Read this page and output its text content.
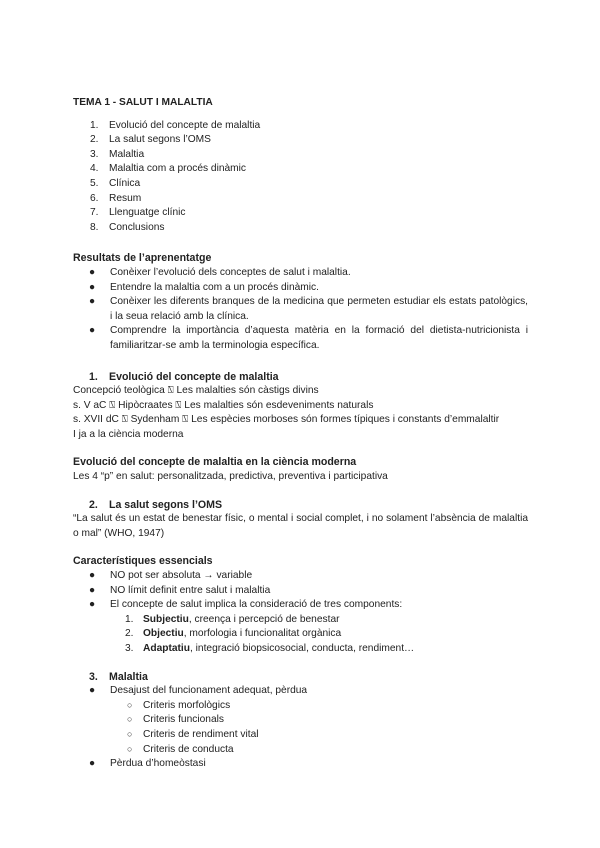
TEMA 1 - SALUT I MALALTIA

1. Evolució del concepte de malaltia
2. La salut segons l’OMS
3. Malaltia
4. Malaltia com a procés dinàmic
5. Clínica
6. Resum
7. Llenguatge clínic
8. Conclusions

Resultats de l’aprenentatge

● Conèixer l’evolució dels conceptes de salut i malaltia.
● Entendre la malaltia com a un procés dinàmic.
● Conèixer les diferents branques de la medicina que permeten estudiar els estats patològics, i la seua relació amb la clínica.
● Comprendre la importància d’aquesta matèria en la formació del dietista-nutricionista i familiaritzar-se amb la terminologia específica.

1. Evolució del concepte de malaltia

Concepció teològica ⍂ Les malalties són càstigs divins

s. V aC ⍂ Hipòcraates ⍂ Les malalties són esdeveniments naturals

s. XVII dC ⍂ Sydenham ⍂ Les espècies morboses són formes típiques i constants d’emmalaltir

I ja a la ciència moderna

Evolució del concepte de malaltia en la ciència moderna

Les 4 “p” en salut: personalitzada, predictiva, preventiva i participativa

2. La salut segons l’OMS

“La salut és un estat de benestar físic, o mental i social complet, i no solament l’absència de malaltia o mal” (WHO, 1947)

Característiques essencials

● NO pot ser absoluta → variable
● NO límit definit entre salut i malaltia
● El concepte de salut implica la consideració de tres components:
1. Subjectiu, creença i percepció de benestar
2. Objectiu, morfologia i funcionalitat orgànica
3. Adaptatiu, integració biopsicosocial, conducta, rendiment…

3. Malaltia

● Desajust del funcionament adequat, pèrdua
○ Criteris morfològics
○ Criteris funcionals
○ Criteris de rendiment vital
○ Criteris de conducta
● Pèrdua d’homeòstasi
